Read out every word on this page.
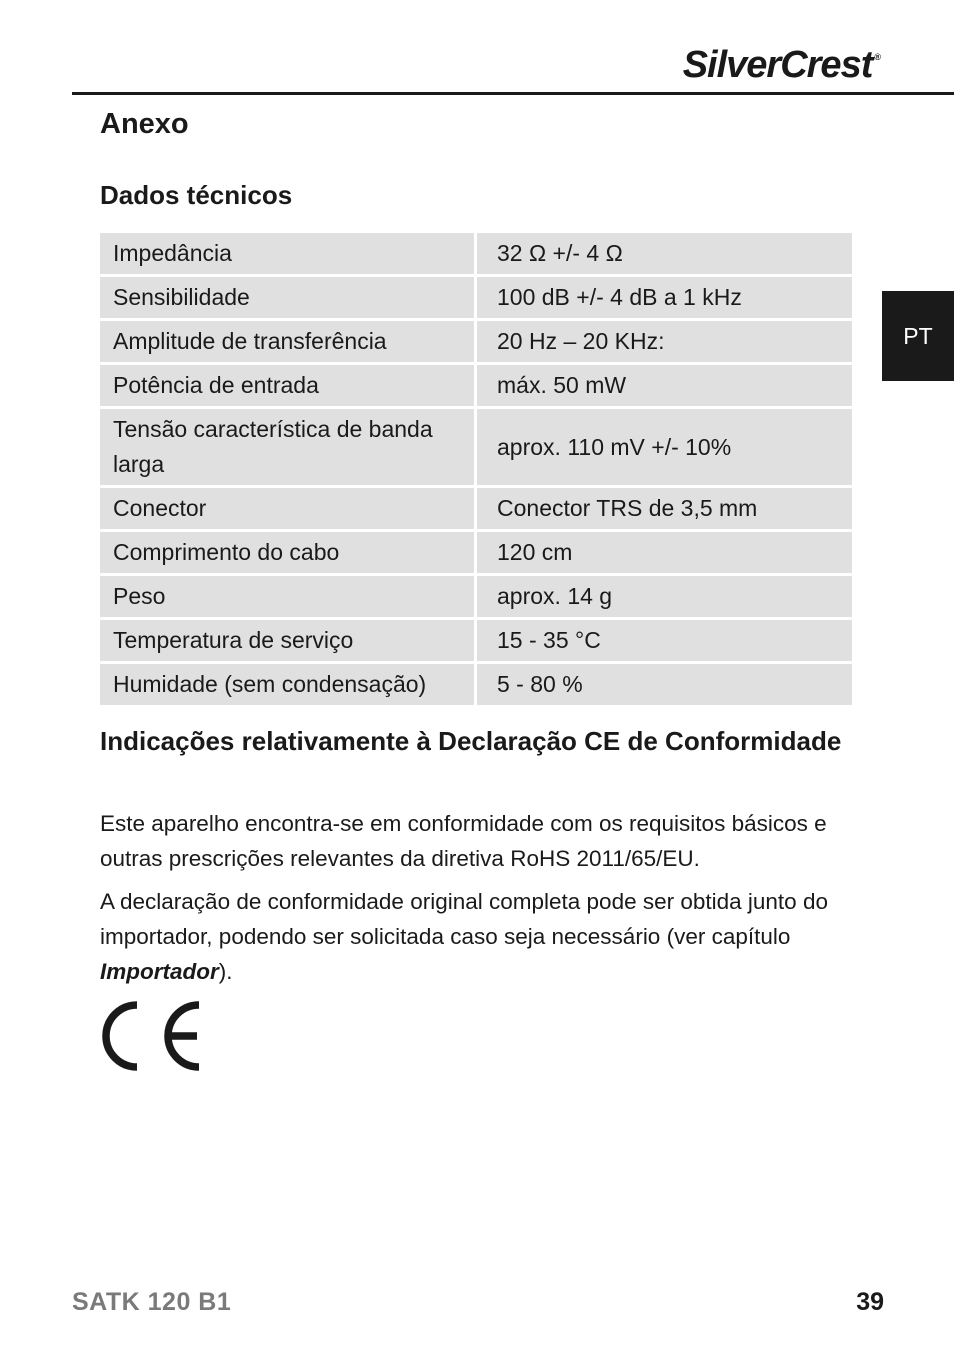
SilverCrest ®
PT
Anexo
Dados técnicos
Impedância	32 Ω +/- 4 Ω
Sensibilidade	100 dB +/- 4 dB a 1 kHz
Amplitude de transferência	20 Hz – 20 KHz:
Potência de entrada	máx. 50 mW
Tensão característica de banda larga	aprox. 110 mV +/- 10%
Conector	Conector TRS de 3,5 mm
Comprimento do cabo	120 cm
Peso	aprox. 14 g
Temperatura de serviço	15 - 35 °C
Humidade (sem condensação)	5 - 80 %
Indicações relativamente à Declaração CE de Conformidade

Este aparelho encontra-se em conformidade com os requisitos básicos e outras prescrições relevantes da diretiva RoHS 2011/65/EU.

A declaração de conformidade original completa pode ser obtida junto do importador, podendo ser solicitada caso seja necessário (ver capítulo Importador).

SATK 120 B1	39
